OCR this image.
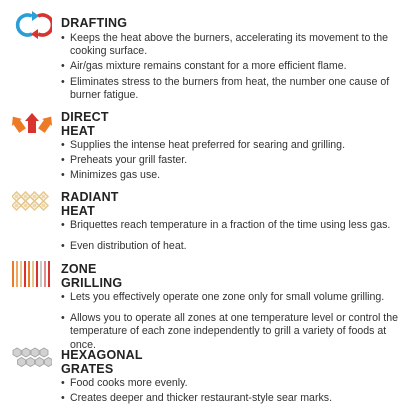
DRAFTING
• Keeps the heat above the burners, accelerating its movement to the cooking surface.
• Air/gas mixture remains constant for a more efficient flame.
• Eliminates stress to the burners from heat, the number one cause of burner fatigue.
DIRECT
HEAT
• Supplies the intense heat preferred for searing and grilling.
• Preheats your grill faster.
• Minimizes gas use.
RADIANT
HEAT
• Briquettes reach temperature in a fraction of the time using less gas.
• Even distribution of heat.
ZONE
GRILLING
• Lets you effectively operate one zone only for small volume grilling.
• Allows you to operate all zones at one temperature level or control the temperature of each zone independently to grill a variety of foods at once.
HEXAGONAL
GRATES
• Food cooks more evenly.
• Creates deeper and thicker restaurant-style sear marks.
